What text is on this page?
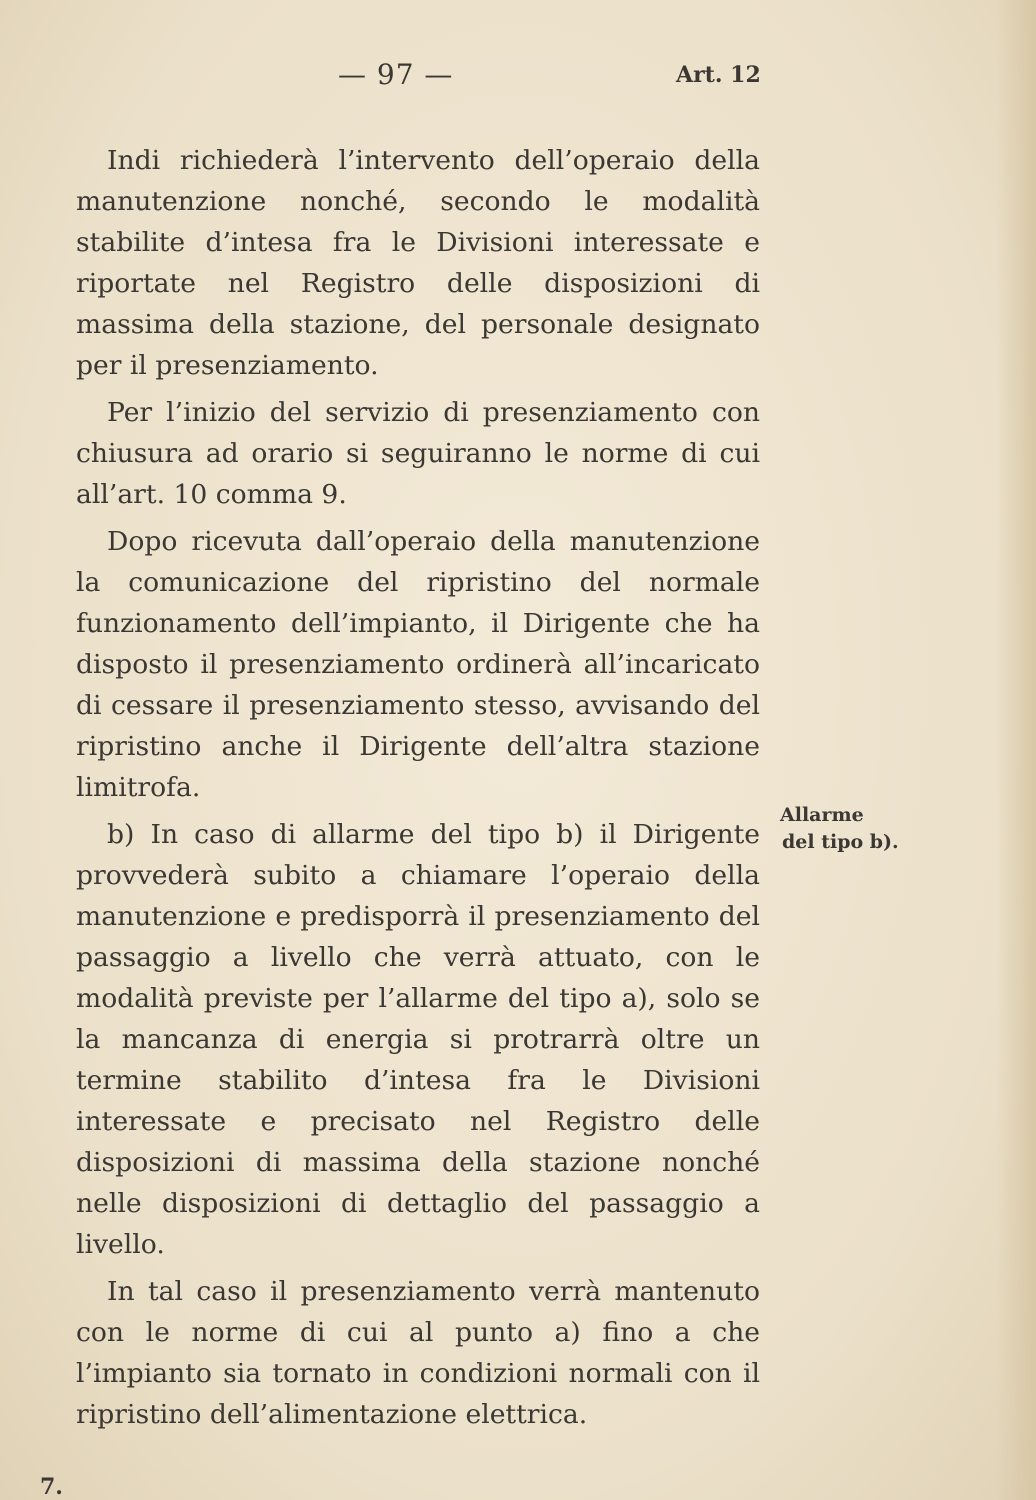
— 97 —	Art. 12

Indi richiederà l’intervento dell’operaio della manutenzione nonché, secondo le modalità stabilite d’intesa fra le Divisioni interessate e riportate nel Registro delle disposizioni di massima della stazione, del personale designato per il presenziamento.

Per l’inizio del servizio di presenziamento con chiusura ad orario si seguiranno le norme di cui all’art. 10 comma 9.

Dopo ricevuta dall’operaio della manutenzione la comunicazione del ripristino del normale funzionamento dell’impianto, il Dirigente che ha disposto il presenziamento ordinerà all’incaricato di cessare il presenziamento stesso, avvisando del ripristino anche il Dirigente dell’altra stazione limitrofa.

b) In caso di allarme del tipo b) il Dirigente provvederà subito a chiamare l’operaio della manutenzione e predisporrà il presenziamento del passaggio a livello che verrà attuato, con le modalità previste per l’allarme del tipo a), solo se la mancanza di energia si protrarrà oltre un termine stabilito d’intesa fra le Divisioni interessate e precisato nel Registro delle disposizioni di massima della stazione nonché nelle disposizioni di dettaglio del passaggio a livello.

In tal caso il presenziamento verrà mantenuto con le norme di cui al punto a) fino a che l’impianto sia tornato in condizioni normali con il ripristino dell’alimentazione elettrica.

Allarme
del tipo b).
7.
